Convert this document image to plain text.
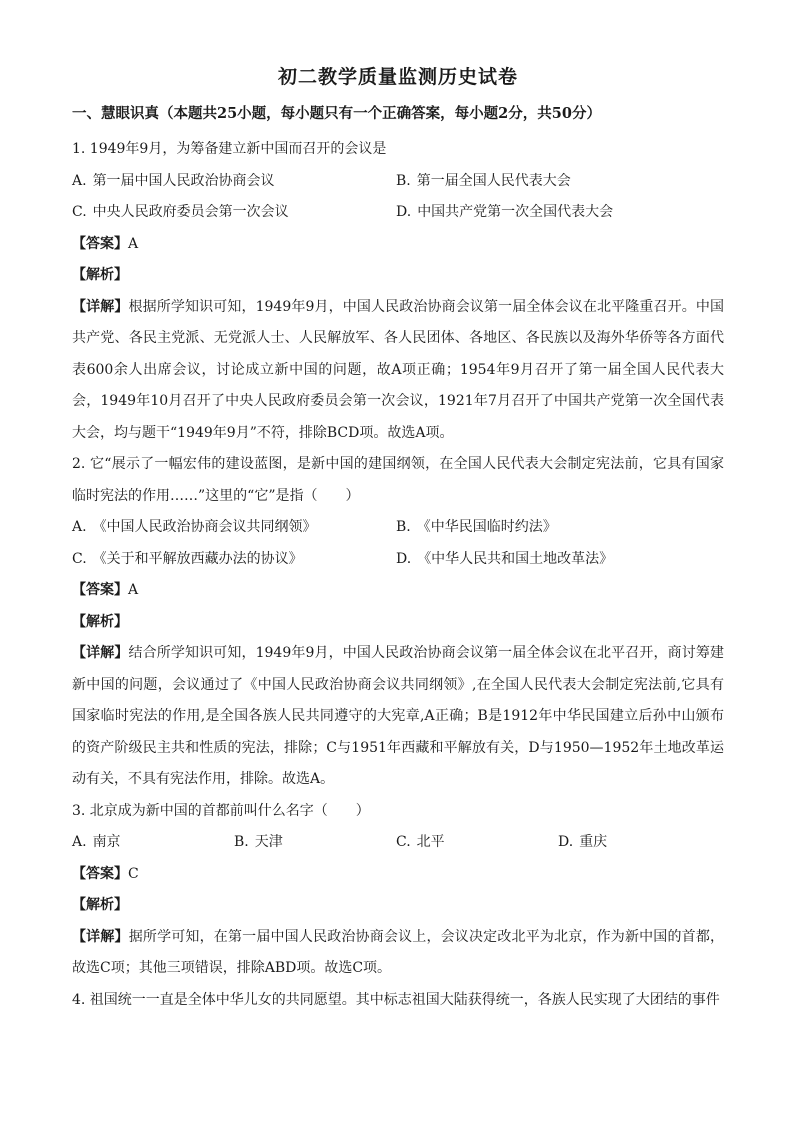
初二教学质量监测历史试卷
一、慧眼识真（本题共25小题，每小题只有一个正确答案，每小题2分，共50分）
1. 1949年9月，为筹备建立新中国而召开的会议是
A. 第一届中国人民政治协商会议	B. 第一届全国人民代表大会
C. 中央人民政府委员会第一次会议	D. 中国共产党第一次全国代表大会
【答案】A
【解析】
【详解】根据所学知识可知，1949年9月，中国人民政治协商会议第一届全体会议在北平隆重召开。中国共产党、各民主党派、无党派人士、人民解放军、各人民团体、各地区、各民族以及海外华侨等各方面代表600余人出席会议，讨论成立新中国的问题，故A项正确；1954年9月召开了第一届全国人民代表大会，1949年10月召开了中央人民政府委员会第一次会议，1921年7月召开了中国共产党第一次全国代表大会，均与题干“1949年9月”不符，排除BCD项。故选A项。
2. 它“展示了一幅宏伟的建设蓝图，是新中国的建国纲领，在全国人民代表大会制定宪法前，它具有国家临时宪法的作用……”这里的“它”是指（　　）
A. 《中国人民政治协商会议共同纲领》	B. 《中华民国临时约法》
C. 《关于和平解放西藏办法的协议》	D. 《中华人民共和国土地改革法》
【答案】A
【解析】
【详解】结合所学知识可知，1949年9月，中国人民政治协商会议第一届全体会议在北平召开，商讨筹建新中国的问题，会议通过了《中国人民政治协商会议共同纲领》,在全国人民代表大会制定宪法前,它具有国家临时宪法的作用,是全国各族人民共同遵守的大宪章,A正确；B是1912年中华民国建立后孙中山颁布的资产阶级民主共和性质的宪法，排除；C与1951年西藏和平解放有关，D与1950—1952年土地改革运动有关，不具有宪法作用，排除。故选A。
3. 北京成为新中国的首都前叫什么名字（　　）
A. 南京	B. 天津	C. 北平	D. 重庆
【答案】C
【解析】
【详解】据所学可知，在第一届中国人民政治协商会议上，会议决定改北平为北京，作为新中国的首都，故选C项；其他三项错误，排除ABD项。故选C项。
4. 祖国统一一直是全体中华儿女的共同愿望。其中标志祖国大陆获得统一，各族人民实现了大团结的事件
